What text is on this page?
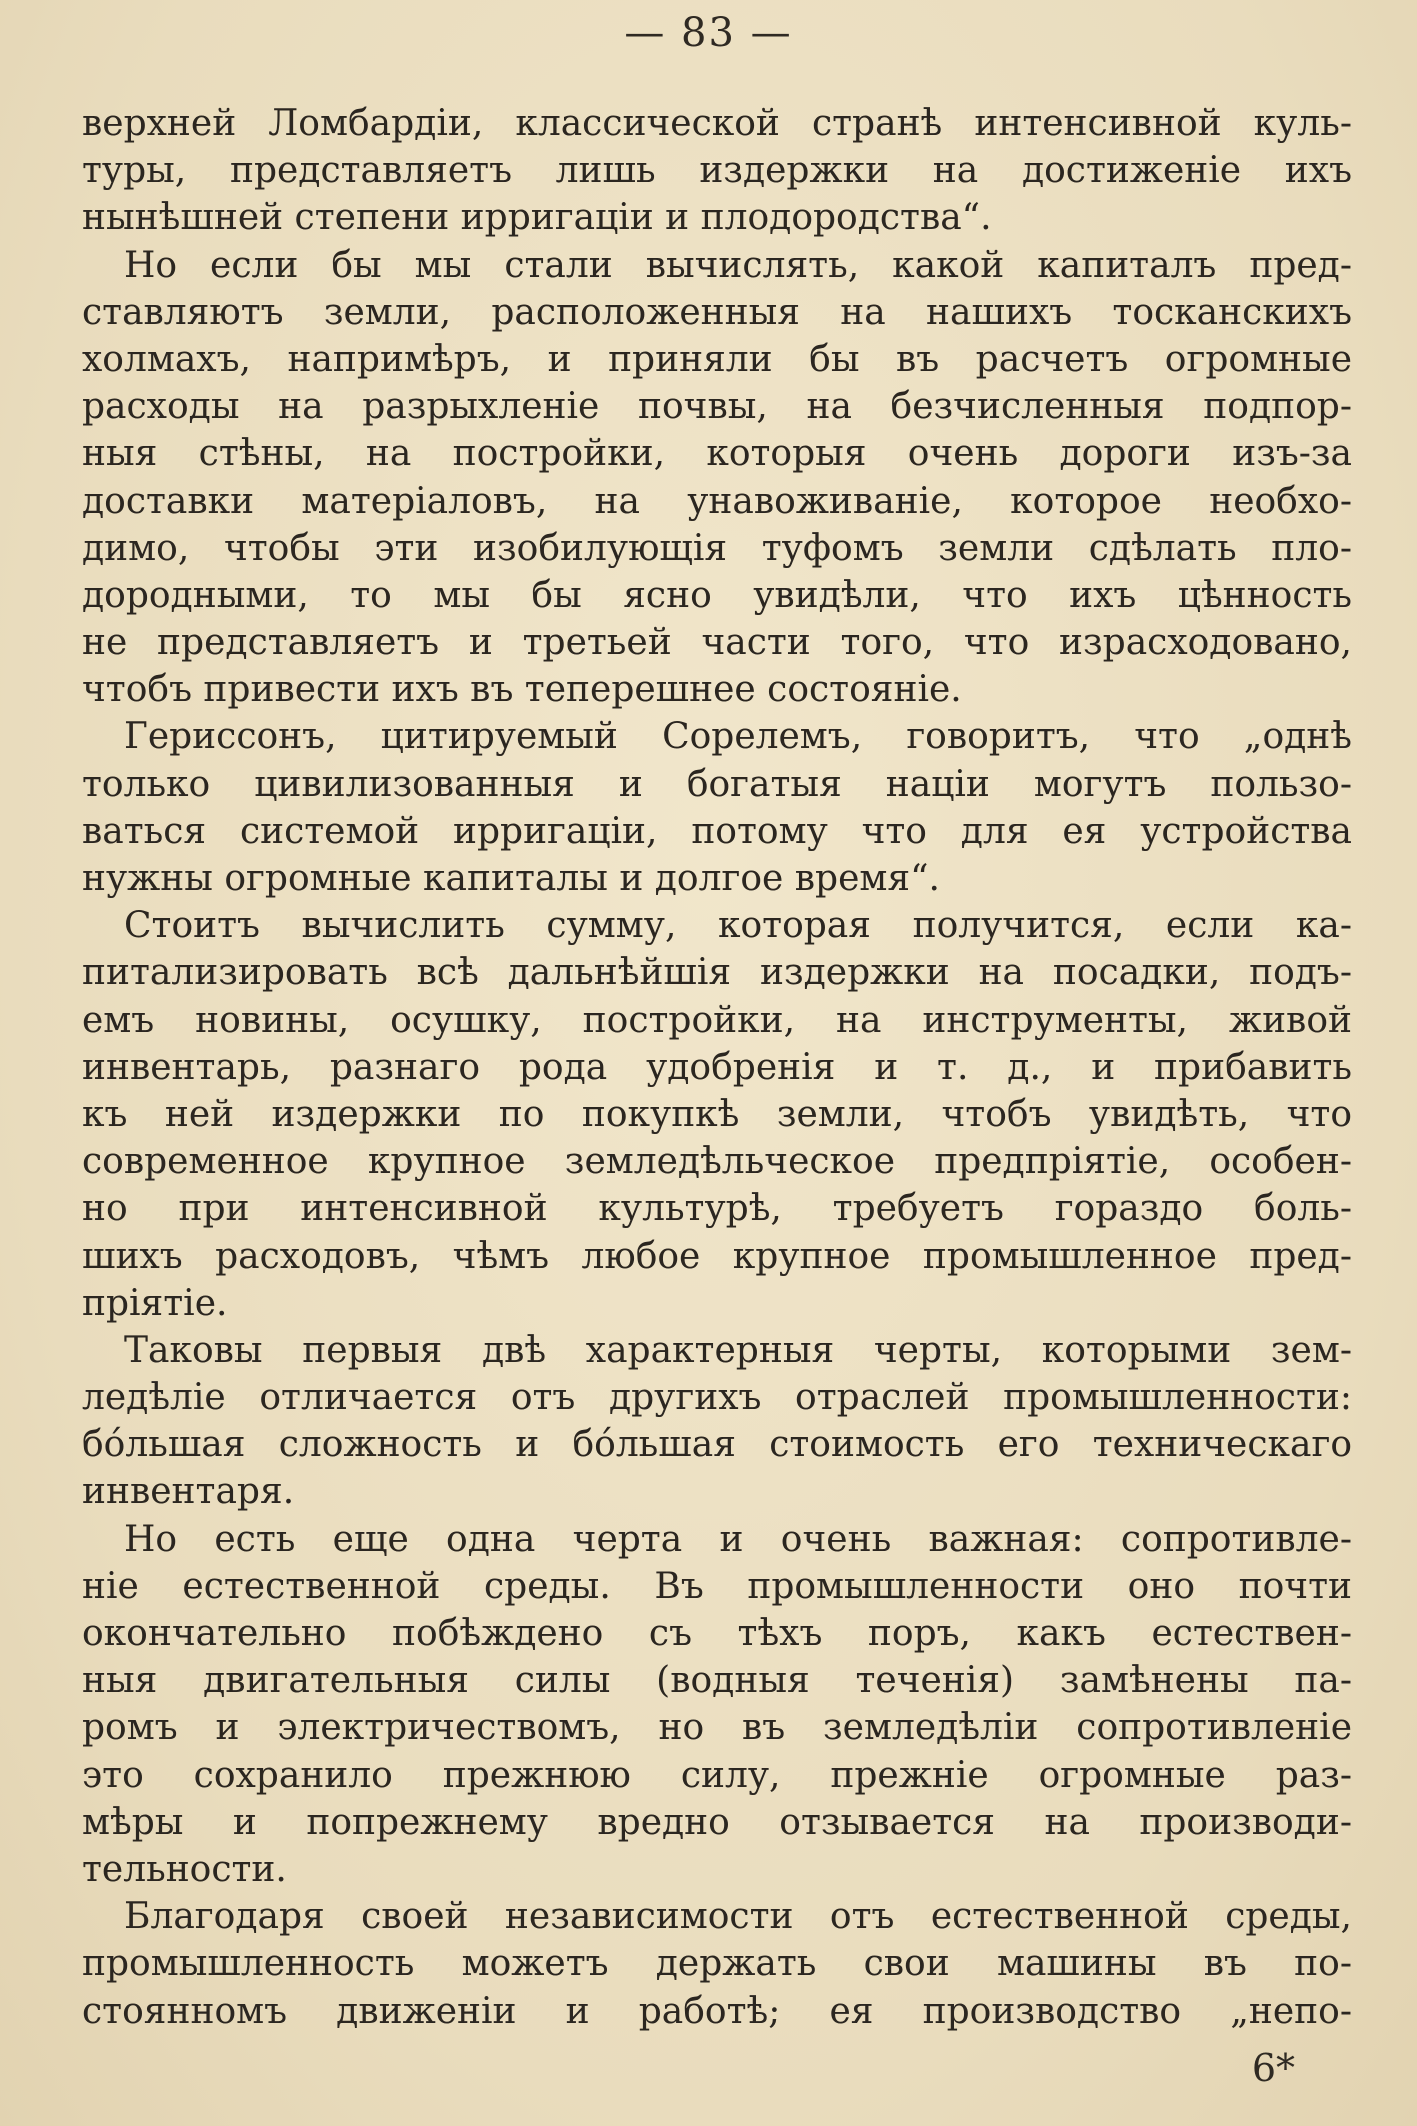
— 83 —
верхней Ломбардiи, классической странѣ интенсивной куль-
туры, представляетъ лишь издержки на достиженiе ихъ
нынѣшней степени ирригацiи и плодородства“.
Но если бы мы стали вычислять, какой капиталъ пред-
ставляютъ земли, расположенныя на нашихъ тосканскихъ
холмахъ, напримѣръ, и приняли бы въ расчетъ огромные
расходы на разрыхленiе почвы, на безчисленныя подпор-
ныя стѣны, на постройки, которыя очень дороги изъ-за
доставки матерiаловъ, на унавоживанiе, которое необхо-
димо, чтобы эти изобилующiя туфомъ земли сдѣлать пло-
дородными, то мы бы ясно увидѣли, что ихъ цѣнность
не представляетъ и третьей части того, что израсходовано,
чтобъ привести ихъ въ теперешнее состоянiе.
Гериссонъ, цитируемый Сорелемъ, говоритъ, что „однѣ
только цивилизованныя и богатыя нацiи могутъ пользо-
ваться системой ирригацiи, потому что для ея устройства
нужны огромные капиталы и долгое время“.
Стоитъ вычислить сумму, которая получится, если ка-
питализировать всѣ дальнѣйшiя издержки на посадки, подъ-
емъ новины, осушку, постройки, на инструменты, живой
инвентарь, разнаго рода удобренiя и т. д., и прибавить
къ ней издержки по покупкѣ земли, чтобъ увидѣть, что
современное крупное земледѣльческое предпрiятiе, особен-
но при интенсивной культурѣ, требуетъ гораздо боль-
шихъ расходовъ, чѣмъ любое крупное промышленное пред-
прiятiе.
Таковы первыя двѣ характерныя черты, которыми зем-
ледѣлiе отличается отъ другихъ отраслей промышленности:
бóльшая сложность и бóльшая стоимость его техническаго
инвентаря.
Но есть еще одна черта и очень важная: сопротивле-
нiе естественной среды. Въ промышленности оно почти
окончательно побѣждено съ тѣхъ поръ, какъ естествен-
ныя двигательныя силы (водныя теченiя) замѣнены па-
ромъ и электричествомъ, но въ земледѣлiи сопротивленiе
это сохранило прежнюю силу, прежнiе огромные раз-
мѣры и попрежнему вредно отзывается на производи-
тельности.
Благодаря своей независимости отъ естественной среды,
промышленность можетъ держать свои машины въ по-
стоянномъ движенiи и работѣ; ея производство „непо-
6*
